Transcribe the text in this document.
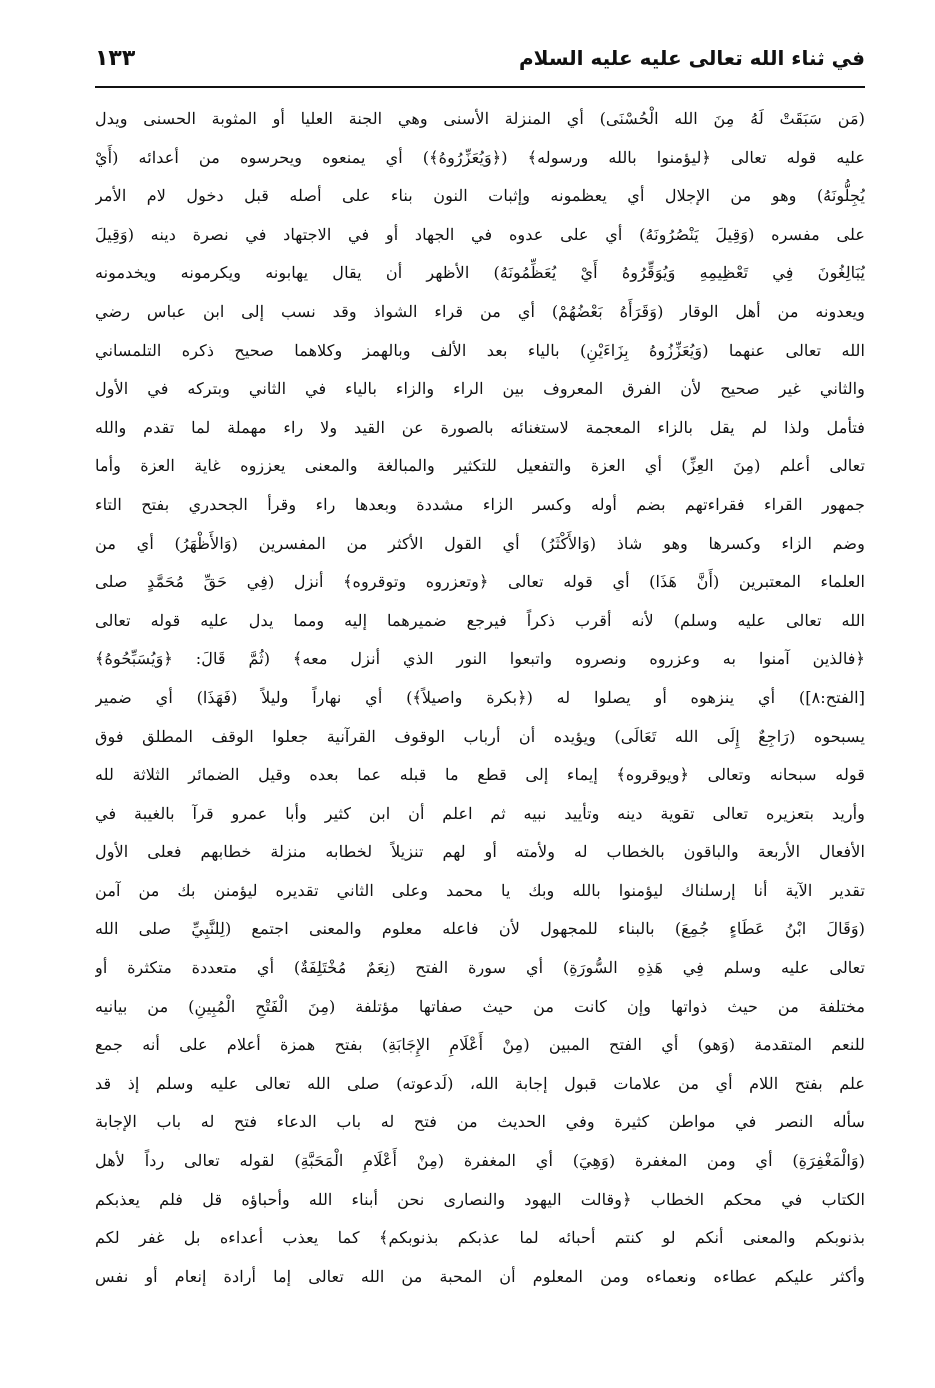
في ثناء الله تعالى عليه عليه السلام
١٣٣
(مَن سَبَقَتْ لَهُ مِنَ الله الْحُسْنَى) أي المنزلة الأسنى وهي الجنة العليا أو المثوبة الحسنى ويدل
عليه قوله تعالى ﴿ليؤمنوا بالله ورسوله﴾ (﴿وَيُعَزِّرُوهُ﴾) أي يمنعوه ويحرسوه من أعدائه (أَيْ
يُجِلُّونَهُ) وهو من الإجلال أي يعظمونه وإثبات النون بناء على أصله قبل دخول لام الأمر
على مفسره (وَقِيلَ يَنْصُرُونَهُ) أي على عدوه في الجهاد أو في الاجتهاد في نصرة دينه (وَقِيلَ
يُبَالِغُونَ فِي تَعْظِيمِهِ وَيُوَقِّرُوهُ أَيْ يُعَظِّمُونَهُ) الأظهر أن يقال يهابونه ويكرمونه ويخدمونه
ويعدونه من أهل الوقار (وَقَرَأَهُ بَعْضُهُمْ) أي من قراء الشواذ وقد نسب إلى ابن عباس رضي
الله تعالى عنهما (وَيُعَزِّزُوهُ بِزَاءَيْنِ) بالياء بعد الألف وبالهمز وكلاهما صحيح ذكره التلمساني
والثاني غير صحيح لأن الفرق المعروف بين الراء والزاء بالياء في الثاني وبتركه في الأول
فتأمل ولذا لم يقل بالزاء المعجمة لاستغنائه بالصورة عن القيد ولا راء مهملة لما تقدم والله
تعالى أعلم (مِنَ العِزِّ) أي العزة والتفعيل للتكثير والمبالغة والمعنى يعززوه غاية العزة وأما
جمهور القراء فقراءتهم بضم أوله وكسر الزاء مشددة وبعدها راء وقرأ الجحدري بفتح التاء
وضم الزاء وكسرها وهو شاذ (وَالأَكْثَرُ) أي القول الأكثر من المفسرين (وَالأَظْهَرُ) أي من
العلماء المعتبرين (أَنَّ هَذَا) أي قوله تعالى ﴿وتعزروه وتوقروه﴾ أنزل (فِي حَقِّ مُحَمَّدٍ صلى
الله تعالى عليه وسلم) لأنه أقرب ذكراً فيرجع ضميرهما إليه ومما يدل عليه قوله تعالى
﴿فالذين آمنوا به وعزروه ونصروه واتبعوا النور الذي أنزل معه﴾ (ثُمَّ قَالَ: ﴿وَيُسَبِّحُوهُ﴾
[الفتح:٨]) أي ينزهوه أو يصلوا له (﴿بكرة واصيلاً﴾) أي نهاراً وليلاً (فَهَذَا) أي ضمير
يسبحوه (رَاجِعٌ إِلَى الله تَعَالَى) ويؤيده أن أرباب الوقوف القرآنية جعلوا الوقف المطلق فوق
قوله سبحانه وتعالى ﴿ويوقروه﴾ إيماء إلى قطع ما قبله عما بعده وقيل الضمائر الثلاثة لله
وأريد بتعزيره تعالى تقوية دينه وتأييد نبيه ثم اعلم أن ابن كثير وأبا عمرو قرآ بالغيبة في
الأفعال الأربعة والباقون بالخطاب له ولأمته أو لهم تنزيلاً لخطابه منزلة خطابهم فعلى الأول
تقدير الآية أنا إرسلناك ليؤمنوا بالله وبك يا محمد وعلى الثاني تقديره ليؤمنن بك من آمن
(وَقَالَ ابْنُ عَطَاءٍ جُمِعَ) بالبناء للمجهول لأن فاعله معلوم والمعنى اجتمع (لِلنَّبِيِّ صلى الله
تعالى عليه وسلم فِي هَذِهِ السُّورَةِ) أي سورة الفتح (نِعَمٌ مُخْتَلِفَةٌ) أي متعددة متكثرة أو
مختلفة من حيث ذواتها وإن كانت من حيث صفاتها مؤتلفة (مِنَ الْفَتْحِ الْمُبِينِ) من بيانيه
للنعم المتقدمة (وَهو) أي الفتح المبين (مِنْ أَعْلَامِ الإِجَابَةِ) بفتح همزة أعلام على أنه جمع
علم بفتح اللام أي من علامات قبول إجابة الله، (لَدعوته) صلى الله تعالى عليه وسلم إذ قد
سأله النصر في مواطن كثيرة وفي الحديث من فتح له باب الدعاء فتح له باب الإجابة
(وَالْمَغْفِرَةِ) أي ومن المغفرة (وَهِيَ) أي المغفرة (مِنْ أَعْلَامِ الْمَحَبَّةِ) لقوله تعالى رداً لأهل
الكتاب في محكم الخطاب ﴿وقالت اليهود والنصارى نحن أبناء الله وأحباؤه قل فلم يعذبكم
بذنوبكم والمعنى أنكم لو كنتم أحبائه لما عذبكم بذنوبكم﴾ كما يعذب أعداءه بل غفر لكم
وأكثر عليكم عطاءه ونعماءه ومن المعلوم أن المحبة من الله تعالى إما أرادة إنعام أو نفس
